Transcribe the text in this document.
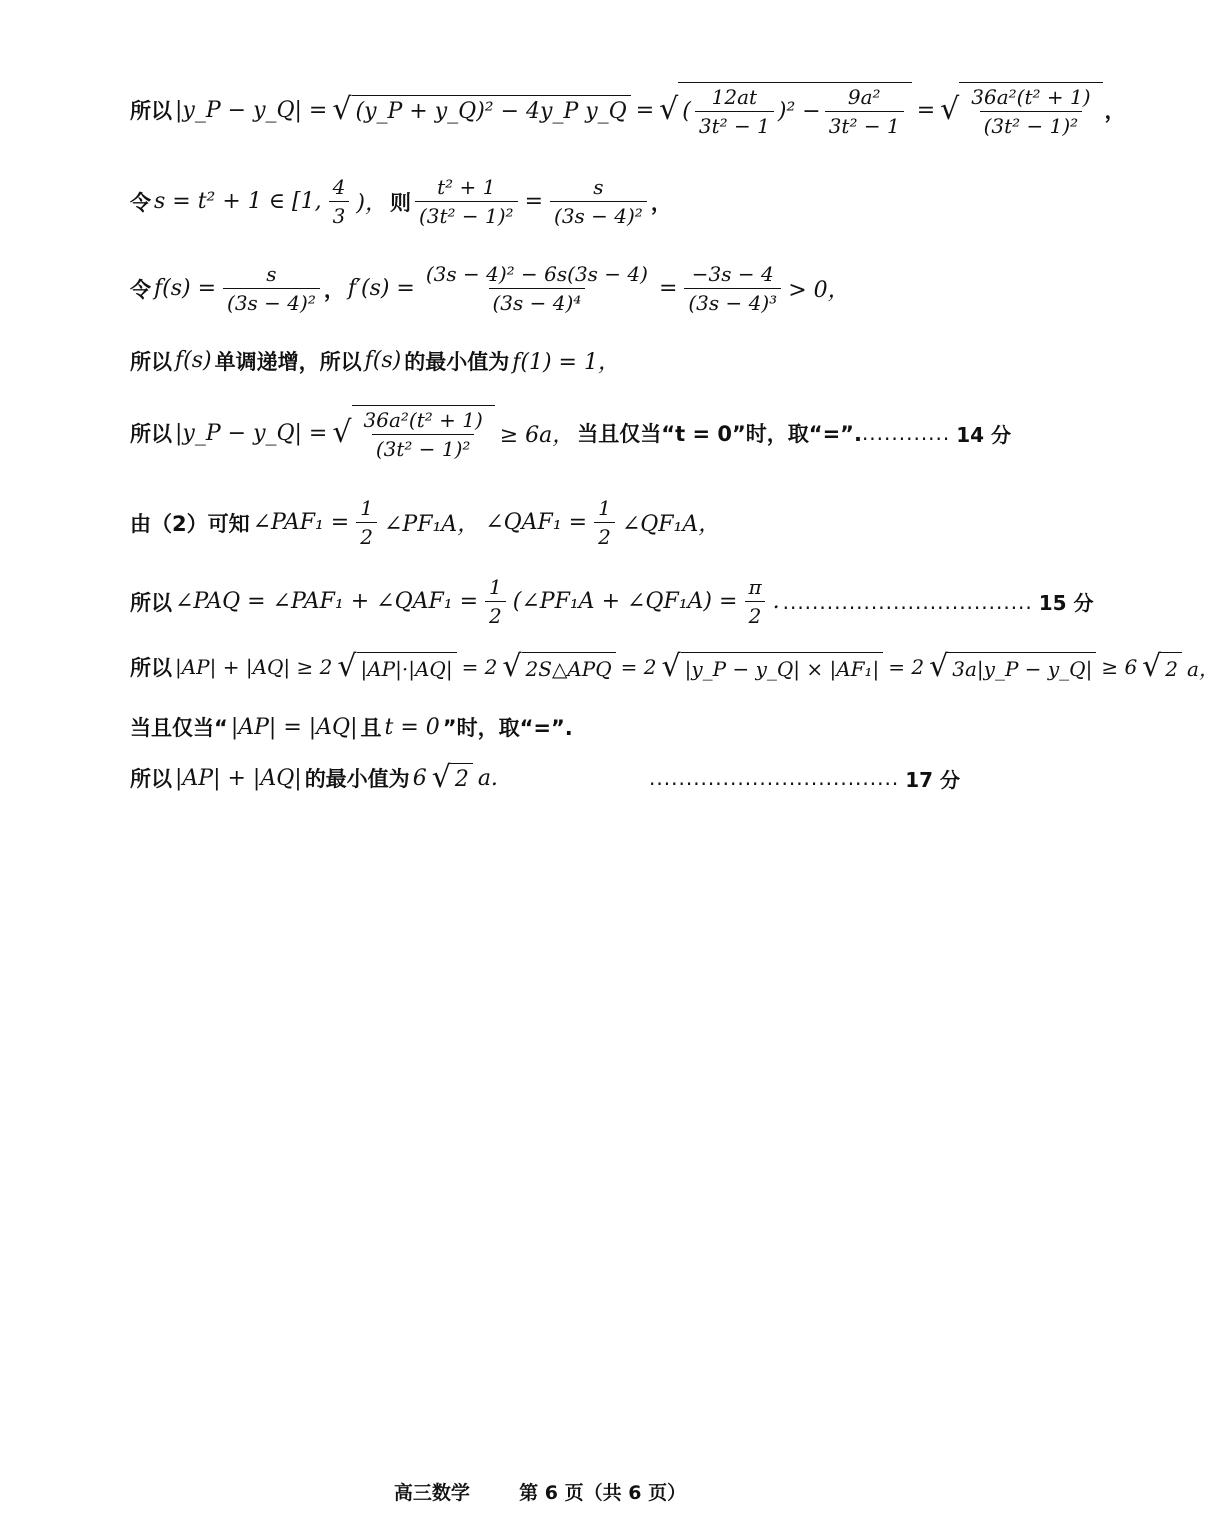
所以 |y_P − y_Q| = √ (y_P + y_Q)² − 4y_P y_Q = √ ( $\frac{12at}{\text{3t² − 1}} )^2 - \frac{\text{9a²}}{\text{3t² − 1}}$ = √ $\frac{\text{36a²(t² + 1)}}{\text{(3t² − 1)²}}$ ，
令 s = t² + 1 ∈ [1, $\frac{4}{3}$ )， 则 $\frac{\text{t² + 1}}{\text{(3t² − 1)²}} = \frac{s}{\text{(3s − 4)²}}$ ，
令 $f(s) = \frac{s}{\text{(3s − 4)²}}$ ， $f'(s) = \frac{\text{(3s − 4)² − 6s(3s − 4)}}{\text{(3s − 4)⁴}} = \frac{-3s - 4}{\text{(3s − 4)³}} > 0$，
所以 f(s) 单调递增，所以 f(s) 的最小值为 f(1) = 1，
所以 |y_P − y_Q| = √ $\frac{\text{36a²(t² + 1)}}{\text{(3t² − 1)²}} \ge 6a$， 当且仅当“t = 0”时，取“=”. ............ 14 分
由（2）可知 ∠PAF₁ = $\frac{1}{2}$ ∠PF₁A， ∠QAF₁ = $\frac{1}{2}$ ∠QF₁A，
所以 ∠PAQ = ∠PAF₁ + ∠QAF₁ = $\frac{1}{2}$ (∠PF₁A + ∠QF₁A) = $\frac{\pi}{2}$ . .................................. 15 分
所以 |AP| + |AQ| ≥ 2 √ |AP|·|AQ| = 2 √ 2S△APQ = 2 √ |y_P − y_Q| × |AF₁| = 2 √ 3a|y_P − y_Q| ≥ 6 √ 2 a，
当且仅当“ |AP| = |AQ| 且 t = 0 ”时，取“=”.
所以 |AP| + |AQ| 的最小值为 6 √ 2 a.	.................................. 17 分
高三数学	第 6 页（共 6 页）
